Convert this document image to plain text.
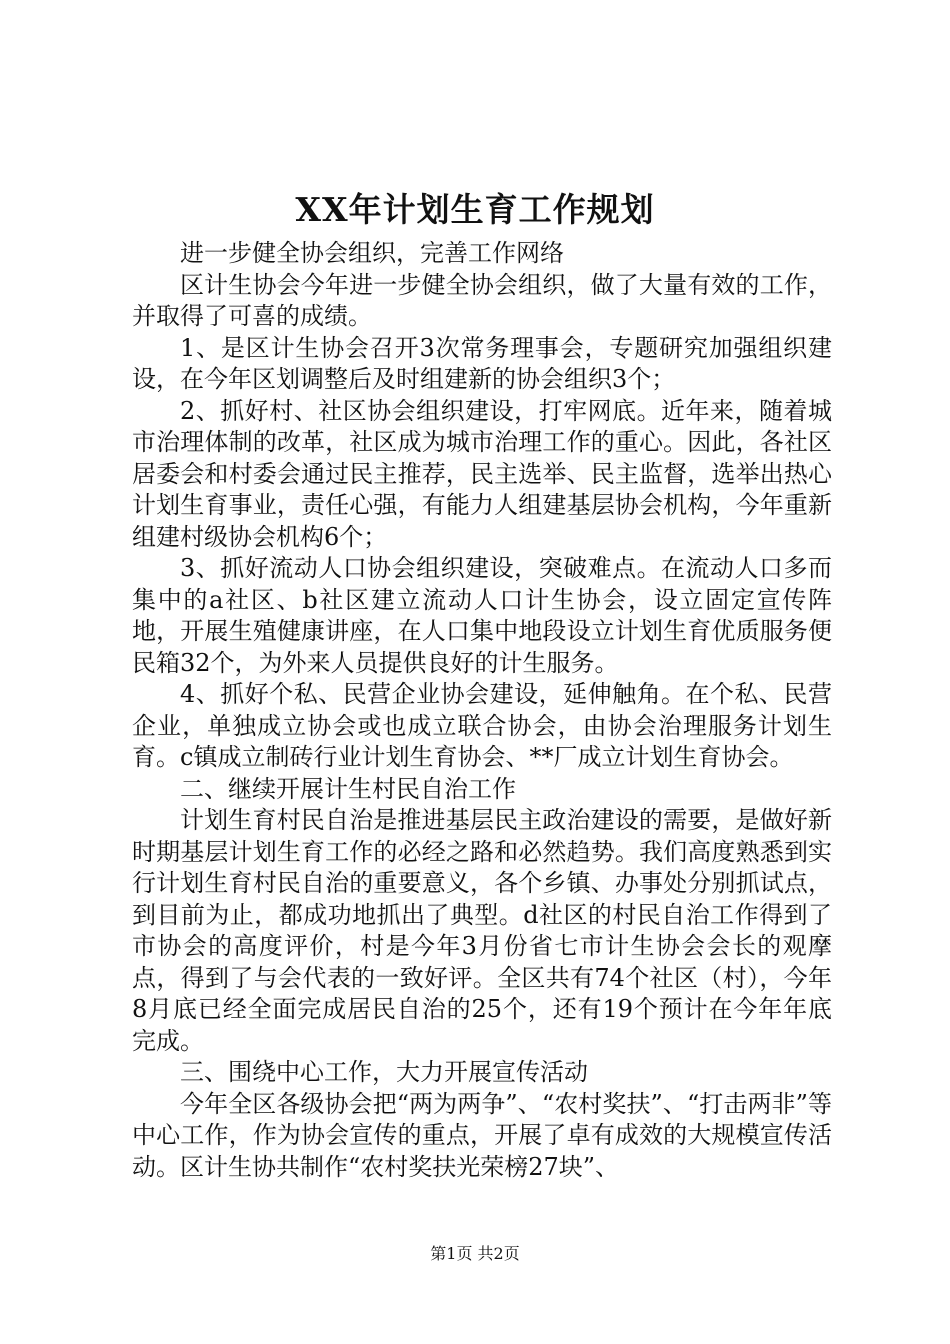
XX年计划生育工作规划

进一步健全协会组织，完善工作网络

区计生协会今年进一步健全协会组织，做了大量有效的工作，并取得了可喜的成绩。

1、是区计生协会召开3次常务理事会，专题研究加强组织建设，在今年区划调整后及时组建新的协会组织3个；

2、抓好村、社区协会组织建设，打牢网底。近年来，随着城市治理体制的改革，社区成为城市治理工作的重心。因此，各社区居委会和村委会通过民主推荐，民主选举、民主监督，选举出热心计划生育事业，责任心强，有能力人组建基层协会机构，今年重新组建村级协会机构6个；

3、抓好流动人口协会组织建设，突破难点。在流动人口多而集中的a社区、b社区建立流动人口计生协会，设立固定宣传阵地，开展生殖健康讲座，在人口集中地段设立计划生育优质服务便民箱32个，为外来人员提供良好的计生服务。

4、抓好个私、民营企业协会建设，延伸触角。在个私、民营企业，单独成立协会或也成立联合协会，由协会治理服务计划生育。c镇成立制砖行业计划生育协会、**厂成立计划生育协会。

二、继续开展计生村民自治工作

计划生育村民自治是推进基层民主政治建设的需要，是做好新时期基层计划生育工作的必经之路和必然趋势。我们高度熟悉到实行计划生育村民自治的重要意义，各个乡镇、办事处分别抓试点，到目前为止，都成功地抓出了典型。d社区的村民自治工作得到了市协会的高度评价，村是今年3月份省七市计生协会会长的观摩点，得到了与会代表的一致好评。全区共有74个社区（村），今年8月底已经全面完成居民自治的25个，还有19个预计在今年年底完成。

三、围绕中心工作，大力开展宣传活动

今年全区各级协会把“两为两争”、“农村奖扶”、“打击两非”等中心工作，作为协会宣传的重点，开展了卓有成效的大规模宣传活动。区计生协共制作“农村奖扶光荣榜27块”、

第1页 共2页
